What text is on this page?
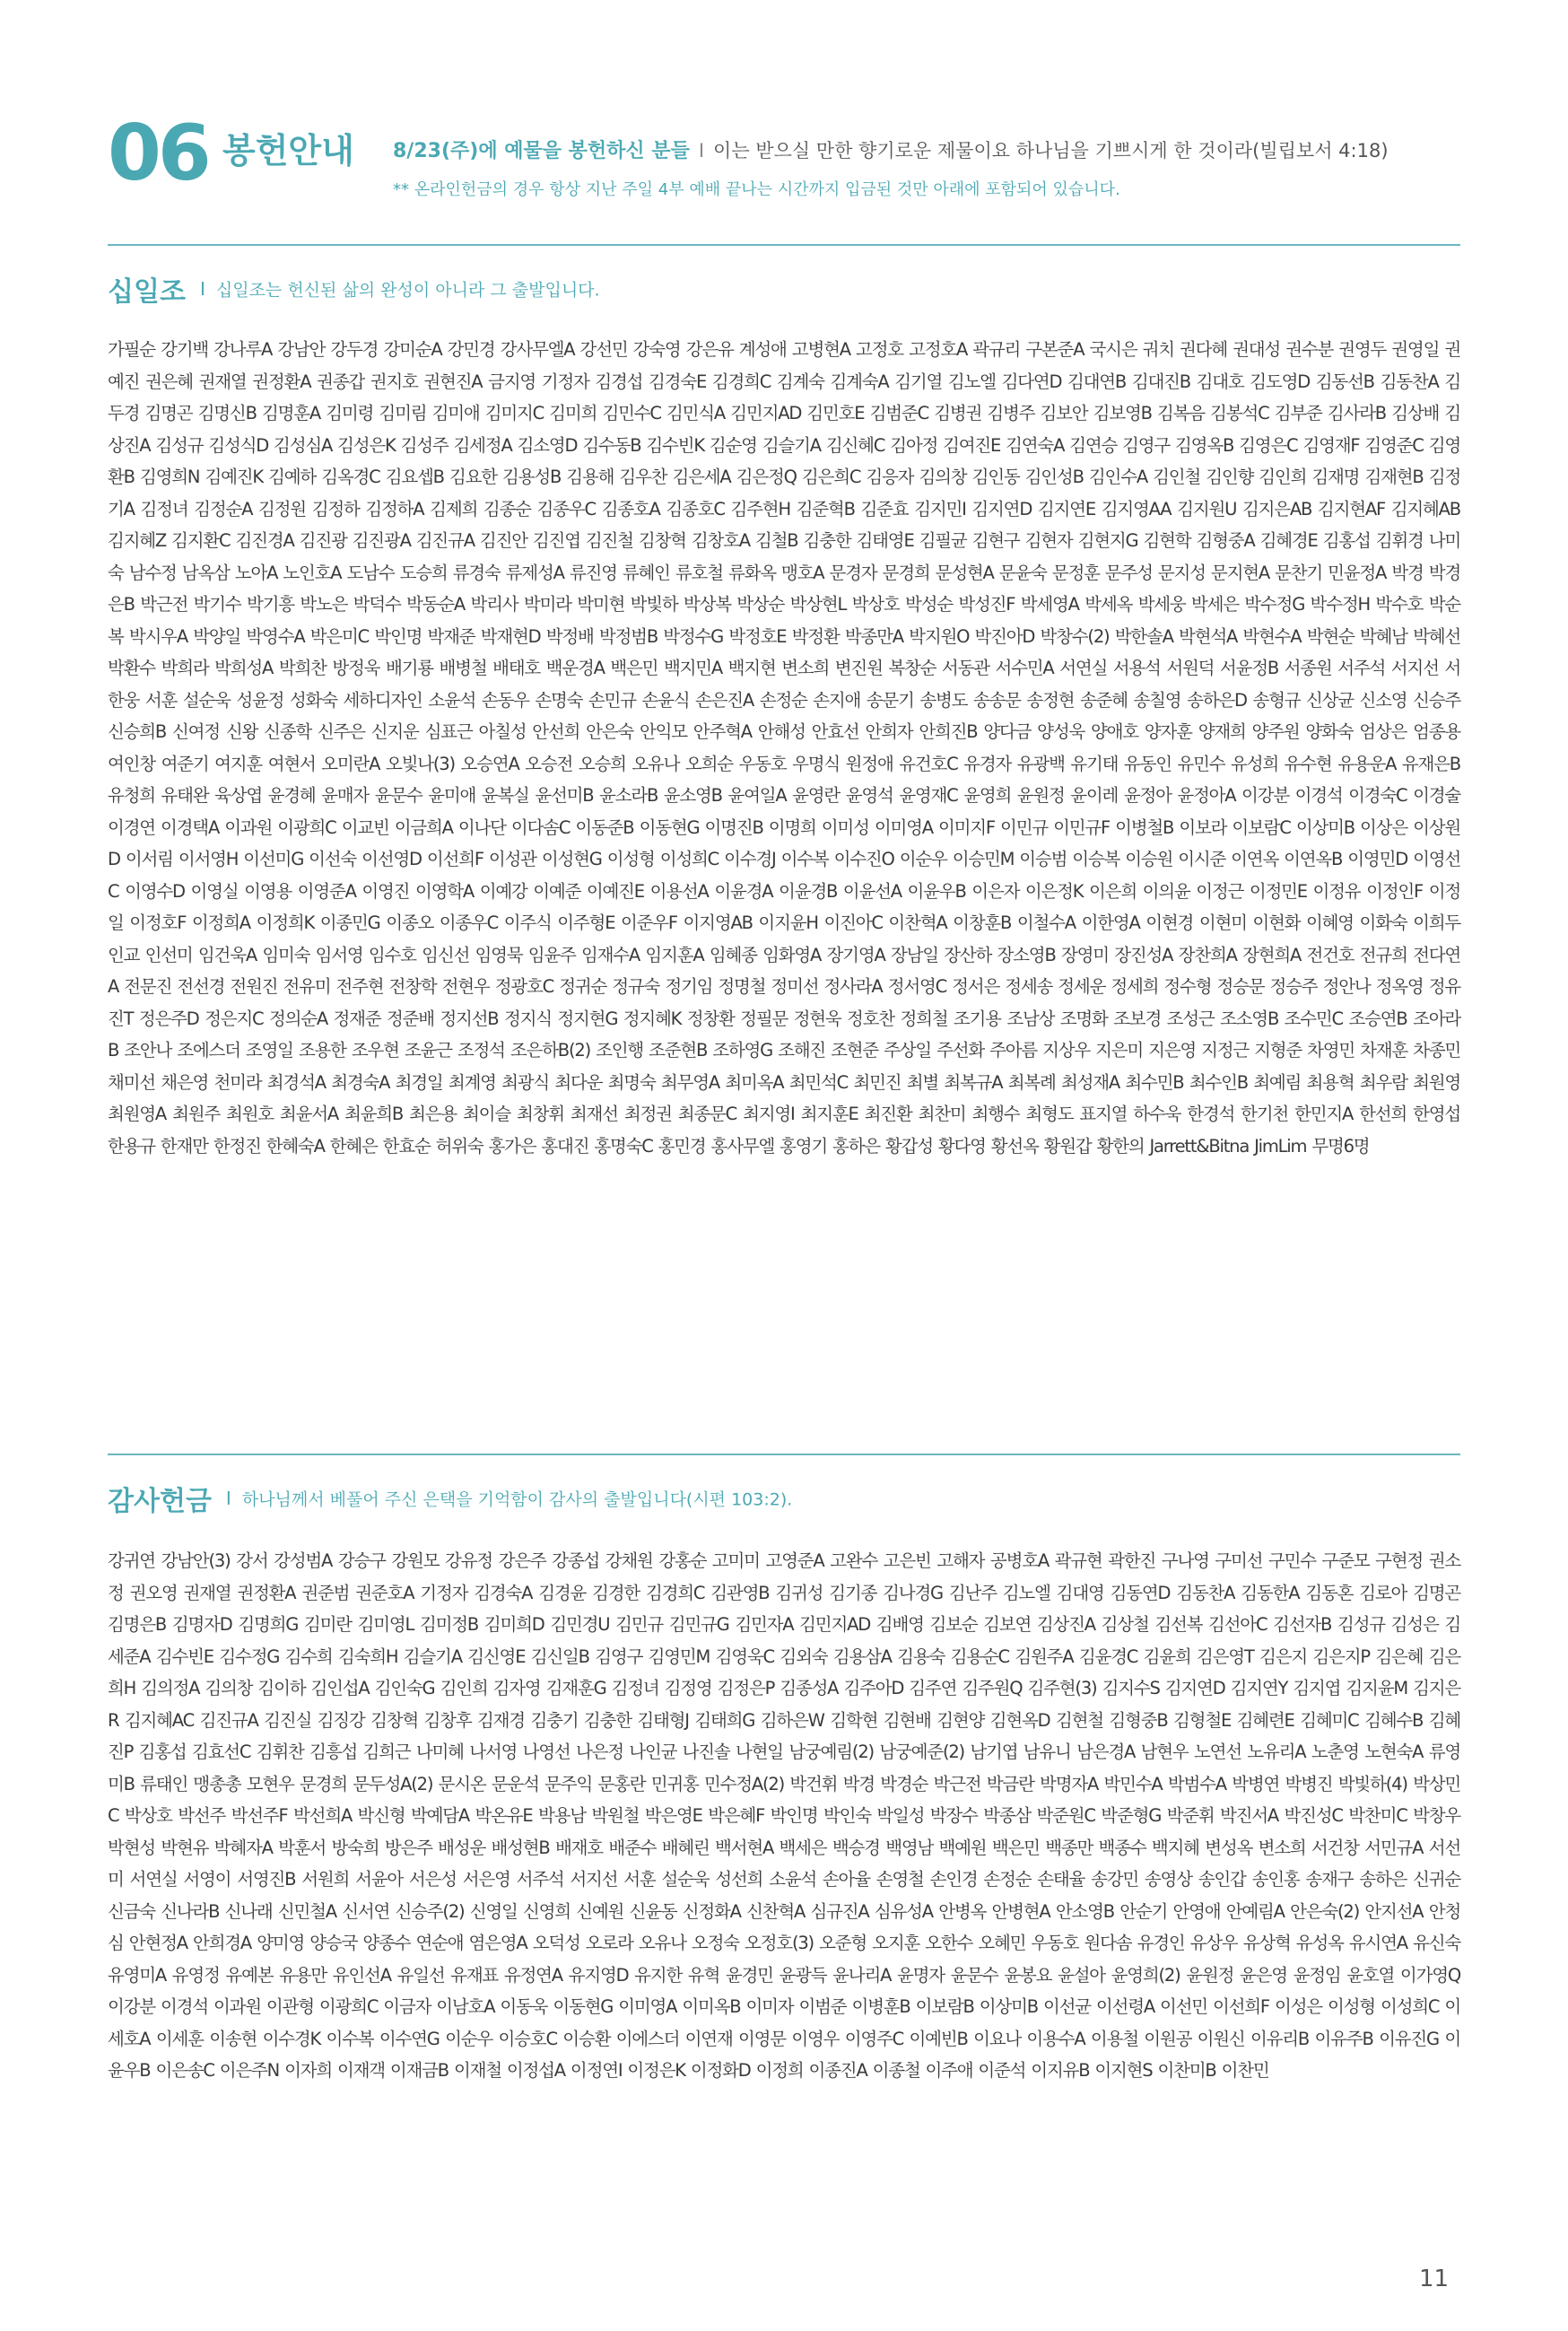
06 봉헌안내 8/23(주)에 예물을 봉헌하신 분들 I 이는 받으실 만한 향기로운 제물이요 하나님을 기쁘시게 한 것이라(빌립보서 4:18)
** 온라인헌금의 경우 항상 지난 주일 4부 예배 끝나는 시간까지 입금된 것만 아래에 포함되어 있습니다.
십일조 I 십일조는 헌신된 삶의 완성이 아니라 그 출발입니다.
가필순 강기백 강나루A 강남안 강두경 강미순A 강민경 강사무엘A 강선민 강숙영 강은유 계성애 고병현A 고정호 고정호A 곽규리 구본준A 국시은 궈치 권다혜 권대성 권수분 권영두 권영일 권예진 권은혜 권재열 권정환A 권종갑 권지호 권현진A 금지영 기정자 김경섭 김경숙E 김경희C 김계숙 김계숙A 김기열 김노엘 김다연D 김대연B 김대진B 김대호 김도영D 김동선B 김동찬A 김두경 김명곤 김명신B 김명훈A 김미령 김미림 김미애 김미지C 김미희 김민수C 김민식A 김민지AD 김민호E 김범준C 김병권 김병주 김보안 김보영B 김복음 김봉석C 김부준 김사라B 김상배 김상진A 김성규 김성식D 김성심A 김성은K 김성주 김세정A 김소영D 김수동B 김수빈K 김순영 김슬기A 김신혜C 김아정 김여진E 김연숙A 김연승 김영구 김영옥B 김영은C 김영재F 김영준C 김영환B 김영희N 김예진K 김예하 김옥경C 김요셉B 김요한 김용성B 김용해 김우찬 김은세A 김은정Q 김은희C 김응자 김의창 김인동 김인성B 김인수A 김인철 김인향 김인희 김재명 김재현B 김정기A 김정녀 김정순A 김정원 김정하 김정하A 김제희 김종순 김종우C 김종호A 김종호C 김주현H 김준혁B 김준효 김지민I 김지연D 김지연E 김지영AA 김지원U 김지은AB 김지현AF 김지혜AB 김지혜Z 김지환C 김진경A 김진광 김진광A 김진규A 김진안 김진엽 김진철 김창혁 김창호A 김철B 김충한 김태영E 김필균 김현구 김현자 김현지G 김현학 김형중A 김혜경E 김홍섭 김휘경 나미숙 남수정 남옥삼 노아A 노인호A 도남수 도승희 류경숙 류제성A 류진영 류혜인 류호철 류화옥 맹호A 문경자 문경희 문성현A 문윤숙 문정훈 문주성 문지성 문지현A 문찬기 민윤정A 박경 박경은B 박근전 박기수 박기흥 박노은 박덕수 박동순A 박리사 박미라 박미현 박빛하 박상복 박상순 박상현L 박상호 박성순 박성진F 박세영A 박세옥 박세웅 박세은 박수정G 박수정H 박수호 박순복 박시우A 박양일 박영수A 박은미C 박인명 박재준 박재현D 박정배 박정범B 박정수G 박정호E 박정환 박종만A 박지원O 박진아D 박창수(2) 박한솔A 박현석A 박현수A 박현순 박혜남 박혜선 박환수 박희라 박희성A 박희찬 방정욱 배기룡 배병철 배태호 백운경A 백은민 백지민A 백지현 변소희 변진원 복창순 서동관 서수민A 서연실 서용석 서원덕 서윤정B 서종원 서주석 서지선 서한웅 서훈 설순욱 성윤정 성화숙 세하디자인 소윤석 손동우 손명숙 손민규 손윤식 손은진A 손정순 손지애 송문기 송병도 송송문 송정현 송준혜 송칠영 송하은D 송형규 신상균 신소영 신승주 신승희B 신여정 신왕 신종학 신주은 신지운 심표근 아칠성 안선희 안은숙 안익모 안주혁A 안해성 안효선 안희자 안희진B 양다금 양성욱 양애호 양자훈 양재희 양주원 양화숙 엄상은 엄종용 여인창 여준기 여지훈 여현서 오미란A 오빛나(3) 오승연A 오승전 오승희 오유나 오희순 우동호 우명식 원정애 유건호C 유경자 유광백 유기태 유동인 유민수 유성희 유수현 유용운A 유재은B 유청희 유태완 육상엽 윤경혜 윤매자 윤문수 윤미애 윤복실 윤선미B 윤소라B 윤소영B 윤여일A 윤영란 윤영석 윤영재C 윤영희 윤원정 윤이레 윤정아 윤정아A 이강분 이경석 이경숙C 이경술 이경연 이경택A 이과원 이광희C 이교빈 이금희A 이나단 이다솜C 이동준B 이동현G 이명진B 이명희 이미성 이미영A 이미지F 이민규 이민규F 이병철B 이보라 이보람C 이상미B 이상은 이상원D 이서림 이서영H 이선미G 이선숙 이선영D 이선희F 이성관 이성현G 이성형 이성희C 이수경J 이수복 이수진O 이순우 이승민M 이승범 이승복 이승원 이시준 이연옥 이연옥B 이영민D 이영선C 이영수D 이영실 이영용 이영준A 이영진 이영학A 이예강 이예준 이예진E 이용선A 이윤경A 이윤경B 이윤선A 이윤우B 이은자 이은정K 이은희 이의윤 이정근 이정민E 이정유 이정인F 이정일 이정호F 이정희A 이정희K 이종민G 이종오 이종우C 이주식 이주형E 이준우F 이지영AB 이지윤H 이진아C 이찬혁A 이창훈B 이철수A 이한영A 이현경 이현미 이현화 이혜영 이화숙 이희두 인교 인선미 임건욱A 임미숙 임서영 임수호 임신선 임영묵 임윤주 임재수A 임지훈A 임혜종 임화영A 장기영A 장남일 장산하 장소영B 장영미 장진성A 장찬희A 장현희A 전건호 전규희 전다연A 전문진 전선경 전원진 전유미 전주현 전창학 전현우 정광호C 정귀순 정규숙 정기임 정명철 정미선 정사라A 정서영C 정서은 정세송 정세운 정세희 정수형 정승문 정승주 정안나 정옥영 정유진T 정은주D 정은지C 정의순A 정재준 정준배 정지선B 정지식 정지현G 정지혜K 정창환 정필문 정현욱 정호찬 정희철 조기용 조남상 조명화 조보경 조성근 조소영B 조수민C 조승연B 조아라B 조안나 조에스더 조영일 조용한 조우현 조윤근 조정석 조은하B(2) 조인행 조준현B 조하영G 조해진 조현준 주상일 주선화 주아름 지상우 지은미 지은영 지정근 지형준 차영민 차재훈 차종민 채미선 채은영 천미라 최경석A 최경숙A 최경일 최계영 최광식 최다운 최명숙 최무영A 최미옥A 최민석C 최민진 최별 최복규A 최복례 최성재A 최수민B 최수인B 최예림 최용혁 최우람 최원영 최원영A 최원주 최원호 최윤서A 최윤희B 최은용 최이슬 최창휘 최재선 최정권 최종문C 최지영I 최지훈E 최진환 최찬미 최행수 최형도 표지열 하수욱 한경석 한기천 한민지A 한선희 한영섭 한용규 한재만 한정진 한혜숙A 한혜은 한효순 허위숙 홍가은 홍대진 홍명숙C 홍민경 홍사무엘 홍영기 홍하은 황갑성 황다영 황선옥 황원갑 황한의 Jarrett&Bitna JimLim 무명6명
감사헌금 I 하나님께서 베풀어 주신 은택을 기억함이 감사의 출발입니다(시편 103:2).
강귀연 강남안(3) 강서 강성범A 강승구 강원모 강유정 강은주 강종섭 강채원 강홍순 고미미 고영준A 고완수 고은빈 고해자 공병호A 곽규현 곽한진 구나영 구미선 구민수 구준모 구현정 권소정 권오영 권재열 권정환A 권준범 권준호A 기정자 김경숙A 김경윤 김경한 김경희C 김관영B 김귀성 김기종 김나경G 김난주 김노엘 김대영 김동연D 김동찬A 김동한A 김동혼 김로아 김명곤 김명은B 김명자D 김명희G 김미란 김미영L 김미정B 김미희D 김민경U 김민규 김민규G 김민자A 김민지AD 김배영 김보순 김보연 김상진A 김상철 김선복 김선아C 김선자B 김성규 김성은 김세준A 김수빈E 김수정G 김수희 김숙희H 김슬기A 김신영E 김신일B 김영구 김영민M 김영욱C 김외숙 김용삼A 김용숙 김용순C 김원주A 김윤경C 김윤희 김은영T 김은지 김은지P 김은혜 김은희H 김의정A 김의창 김이하 김인섭A 김인숙G 김인희 김자영 김재훈G 김정녀 김정영 김정은P 김종성A 김주아D 김주연 김주원Q 김주현(3) 김지수S 김지연D 김지연Y 김지엽 김지윤M 김지은R 김지혜AC 김진규A 김진실 김징강 김창혁 김창후 김재경 김충기 김충한 김태형J 김태희G 김하은W 김학현 김현배 김현양 김현옥D 김현철 김형중B 김형철E 김혜련E 김혜미C 김혜수B 김혜진P 김홍섭 김효선C 김휘찬 김흥섭 김희근 나미혜 나서영 나영선 나은정 나인균 나진솔 나현일 남궁예림(2) 남궁예준(2) 남기엽 남유니 남은경A 남현우 노연선 노유리A 노춘영 노현숙A 류영미B 류태인 맹총총 모현우 문경희 문두성A(2) 문시온 문운석 문주익 문홍란 민귀홍 민수정A(2) 박건휘 박경 박경순 박근전 박금란 박명자A 박민수A 박범수A 박병연 박병진 박빛하(4) 박상민C 박상호 박선주 박선주F 박선희A 박신형 박예담A 박온유E 박용남 박원철 박은영E 박은혜F 박인명 박인숙 박일성 박장수 박종삼 박준원C 박준형G 박준휘 박진서A 박진성C 박찬미C 박창우 박현성 박현유 박혜자A 박훈서 방숙희 방은주 배성운 배성현B 배재호 배준수 배혜린 백서현A 백세은 백승경 백영남 백예원 백은민 백종만 백종수 백지혜 변성옥 변소희 서건창 서민규A 서선미 서연실 서영이 서영진B 서원희 서윤아 서은성 서은영 서주석 서지선 서훈 설순욱 성선희 소윤석 손아율 손영철 손인경 손정순 손태율 송강민 송영상 송인갑 송인홍 송재구 송하은 신귀순 신금숙 신나라B 신나래 신민철A 신서연 신승주(2) 신영일 신영희 신예원 신윤동 신정화A 신찬혁A 심규진A 심유성A 안병옥 안병현A 안소영B 안순기 안영애 안예림A 안은숙(2) 안지선A 안청심 안현정A 안희경A 양미영 양승국 양종수 연순애 염은영A 오덕성 오로라 오유나 오정숙 오정호(3) 오준형 오지훈 오한수 오혜민 우동호 원다솜 유경인 유상우 유상혁 유성옥 유시연A 유신숙 유영미A 유영정 유예본 유용만 유인선A 유일선 유재표 유정연A 유지영D 유지한 유혁 윤경민 윤광득 윤나리A 윤명자 윤문수 윤봉요 윤설아 윤영희(2) 윤원정 윤은영 윤정임 윤호열 이가영Q 이강분 이경석 이과원 이관형 이광희C 이금자 이남호A 이동욱 이동현G 이미영A 이미옥B 이미자 이범준 이병훈B 이보람B 이상미B 이선균 이선령A 이선민 이선희F 이성은 이성형 이성희C 이세호A 이세훈 이송현 이수경K 이수복 이수연G 이순우 이승호C 이승환 이에스더 이연재 이영문 이영우 이영주C 이예빈B 이요나 이용수A 이용철 이원공 이원신 이유리B 이유주B 이유진G 이윤우B 이은송C 이은주N 이자희 이재객 이재금B 이재철 이정섭A 이정연I 이정은K 이정화D 이정희 이종진A 이종철 이주애 이준석 이지유B 이지현S 이찬미B 이찬민
11
